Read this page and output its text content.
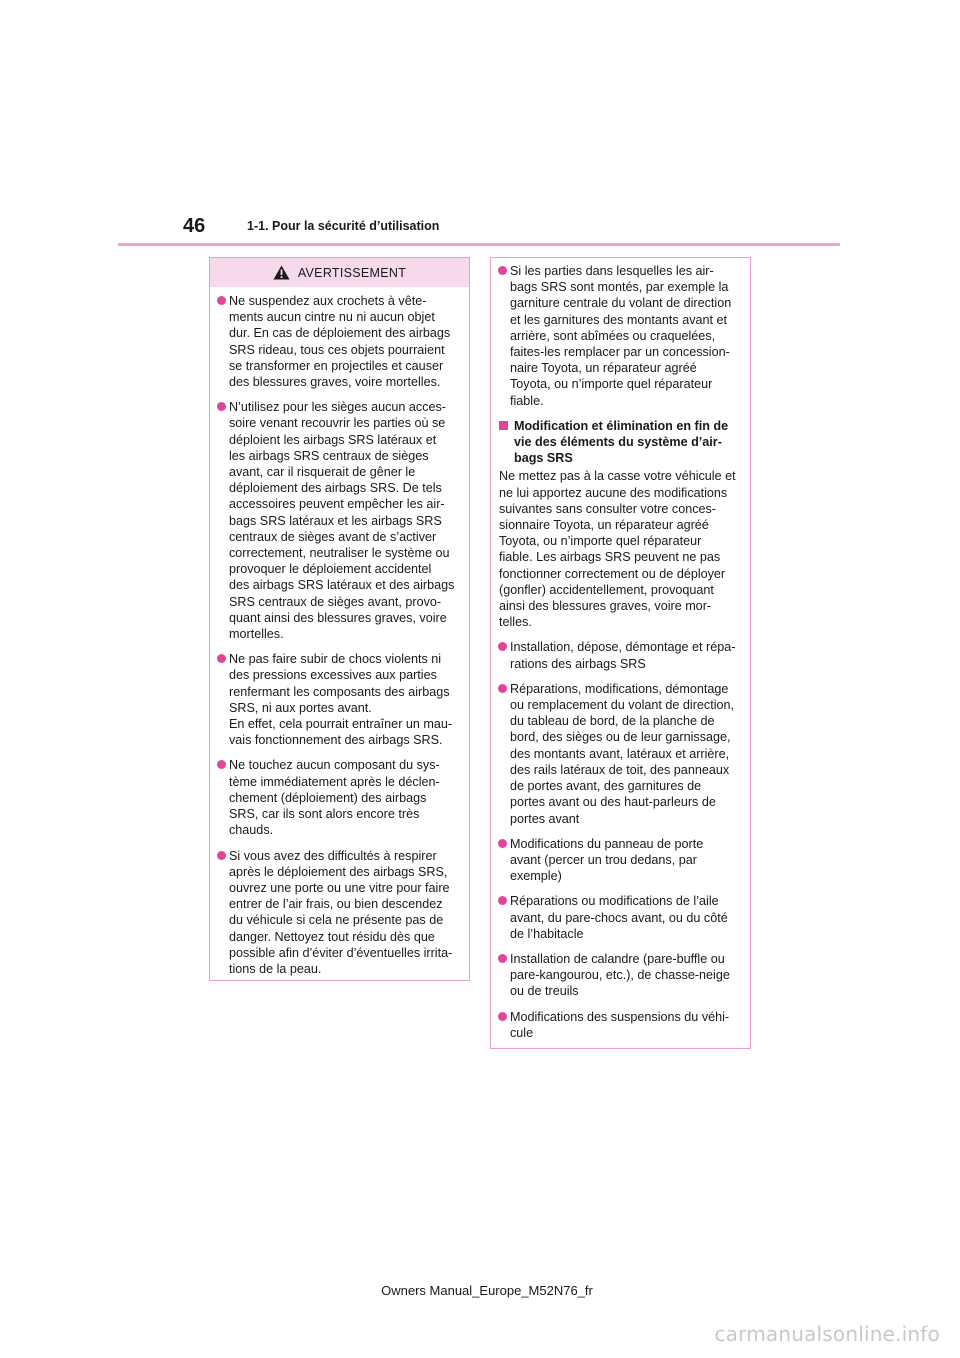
46	1-1. Pour la sécurité d’utilisation
AVERTISSEMENT
Ne suspendez aux crochets à vête-
ments aucun cintre nu ni aucun objet
dur. En cas de déploiement des airbags
SRS rideau, tous ces objets pourraient
se transformer en projectiles et causer
des blessures graves, voire mortelles.
N’utilisez pour les sièges aucun acces-
soire venant recouvrir les parties où se
déploient les airbags SRS latéraux et
les airbags SRS centraux de sièges
avant, car il risquerait de gêner le
déploiement des airbags SRS. De tels
accessoires peuvent empêcher les air-
bags SRS latéraux et les airbags SRS
centraux de sièges avant de s’activer
correctement, neutraliser le système ou
provoquer le déploiement accidentel
des airbags SRS latéraux et des airbags
SRS centraux de sièges avant, provo-
quant ainsi des blessures graves, voire
mortelles.
Ne pas faire subir de chocs violents ni
des pressions excessives aux parties
renfermant les composants des airbags
SRS, ni aux portes avant.
En effet, cela pourrait entraîner un mau-
vais fonctionnement des airbags SRS.
Ne touchez aucun composant du sys-
tème immédiatement après le déclen-
chement (déploiement) des airbags
SRS, car ils sont alors encore très
chauds.
Si vous avez des difficultés à respirer
après le déploiement des airbags SRS,
ouvrez une porte ou une vitre pour faire
entrer de l’air frais, ou bien descendez
du véhicule si cela ne présente pas de
danger. Nettoyez tout résidu dès que
possible afin d’éviter d’éventuelles irrita-
tions de la peau.
Si les parties dans lesquelles les air-
bags SRS sont montés, par exemple la
garniture centrale du volant de direction
et les garnitures des montants avant et
arrière, sont abîmées ou craquelées,
faites-les remplacer par un concession-
naire Toyota, un réparateur agréé
Toyota, ou n’importe quel réparateur
fiable.
Modification et élimination en fin de
vie des éléments du système d’air-
bags SRS
Ne mettez pas à la casse votre véhicule et
ne lui apportez aucune des modifications
suivantes sans consulter votre conces-
sionnaire Toyota, un réparateur agréé
Toyota, ou n’importe quel réparateur
fiable. Les airbags SRS peuvent ne pas
fonctionner correctement ou de déployer
(gonfler) accidentellement, provoquant
ainsi des blessures graves, voire mor-
telles.
Installation, dépose, démontage et répa-
rations des airbags SRS
Réparations, modifications, démontage
ou remplacement du volant de direction,
du tableau de bord, de la planche de
bord, des sièges ou de leur garnissage,
des montants avant, latéraux et arrière,
des rails latéraux de toit, des panneaux
de portes avant, des garnitures de
portes avant ou des haut-parleurs de
portes avant
Modifications du panneau de porte
avant (percer un trou dedans, par
exemple)
Réparations ou modifications de l’aile
avant, du pare-chocs avant, ou du côté
de l’habitacle
Installation de calandre (pare-buffle ou
pare-kangourou, etc.), de chasse-neige
ou de treuils
Modifications des suspensions du véhi-
cule
Owners Manual_Europe_M52N76_fr
carmanualsonline.info
